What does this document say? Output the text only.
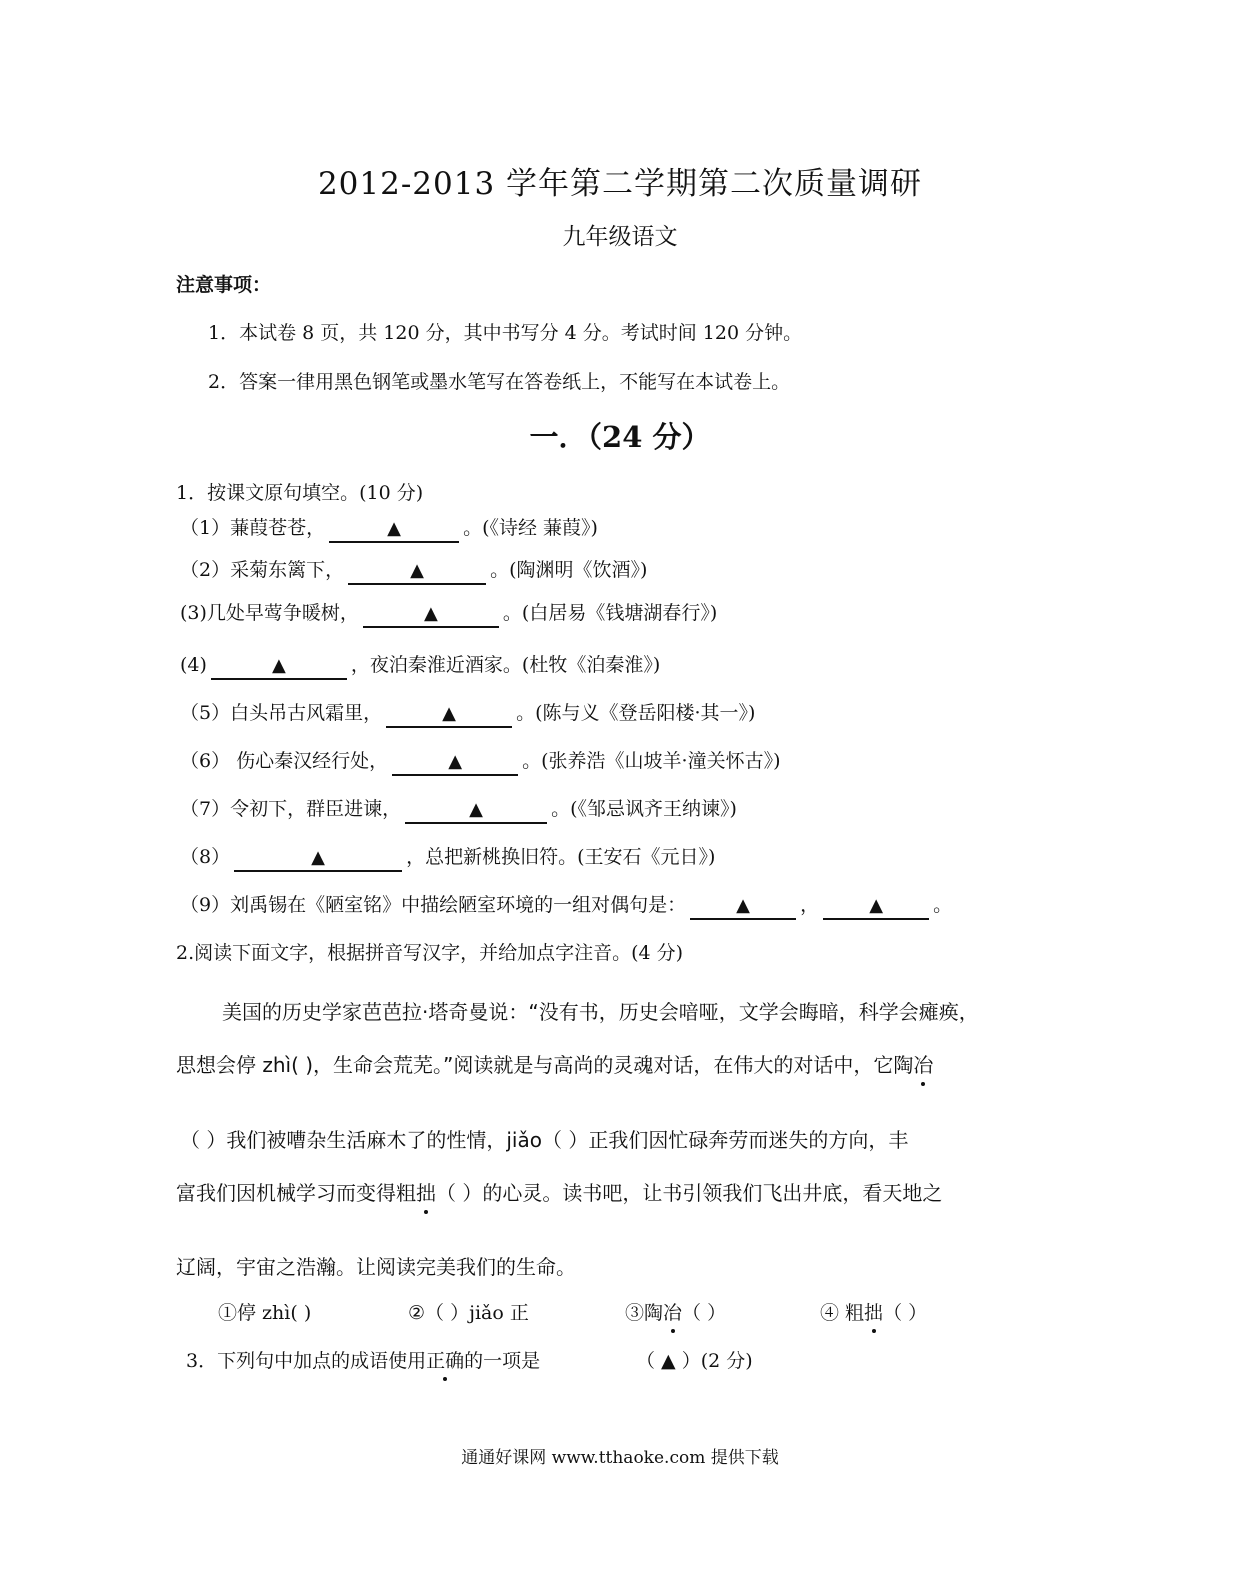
2012-2013 学年第二学期第二次质量调研
九年级语文
注意事项：
1．本试卷 8 页，共 120 分，其中书写分 4 分。考试时间 120 分钟。
2．答案一律用黑色钢笔或墨水笔写在答卷纸上，不能写在本试卷上。
一．（24 分）
1．按课文原句填空。(10 分)
（1）蒹葭苍苍，	▲	。(《诗经 蒹葭》)
（2）采菊东篱下，	▲	。(陶渊明《饮酒》)
(3)几处早莺争暖树，	▲	。(白居易《钱塘湖春行》)
(4)	▲	，夜泊秦淮近酒家。(杜牧《泊秦淮》)
（5）白头吊古风霜里，	▲	。(陈与义《登岳阳楼·其一》)
（6） 伤心秦汉经行处，	▲	。(张养浩《山坡羊·潼关怀古》)
（7）令初下，群臣进谏，	▲	。(《邹忌讽齐王纳谏》)
（8）	▲	，总把新桃换旧符。(王安石《元日》)
（9）刘禹锡在《陋室铭》中描绘陋室环境的一组对偶句是：	▲	，	▲	。
2.阅读下面文字，根据拼音写汉字，并给加点字注音。(4 分)
美国的历史学家芭芭拉·塔奇曼说：“没有书，历史会喑哑，文学会晦暗，科学会瘫痪，
思想会停 zhì( )，生命会荒芜。”阅读就是与高尚的灵魂对话，在伟大的对话中，它陶冶
（ ）我们被嘈杂生活麻木了的性情，jiǎo（ ）正我们因忙碌奔劳而迷失的方向，丰
富我们因机械学习而变得粗拙（ ）的心灵。读书吧，让书引领我们飞出井底，看天地之
辽阔，宇宙之浩瀚。让阅读完美我们的生命。
①停 zhì( )	②（ ）jiǎo 正	③陶冶（ ）	④ 粗拙（ ）
3．下列句中加点的成语使用正确的一项是	（ ▲ ）(2 分)
通通好课网 www.tthaoke.com 提供下载
